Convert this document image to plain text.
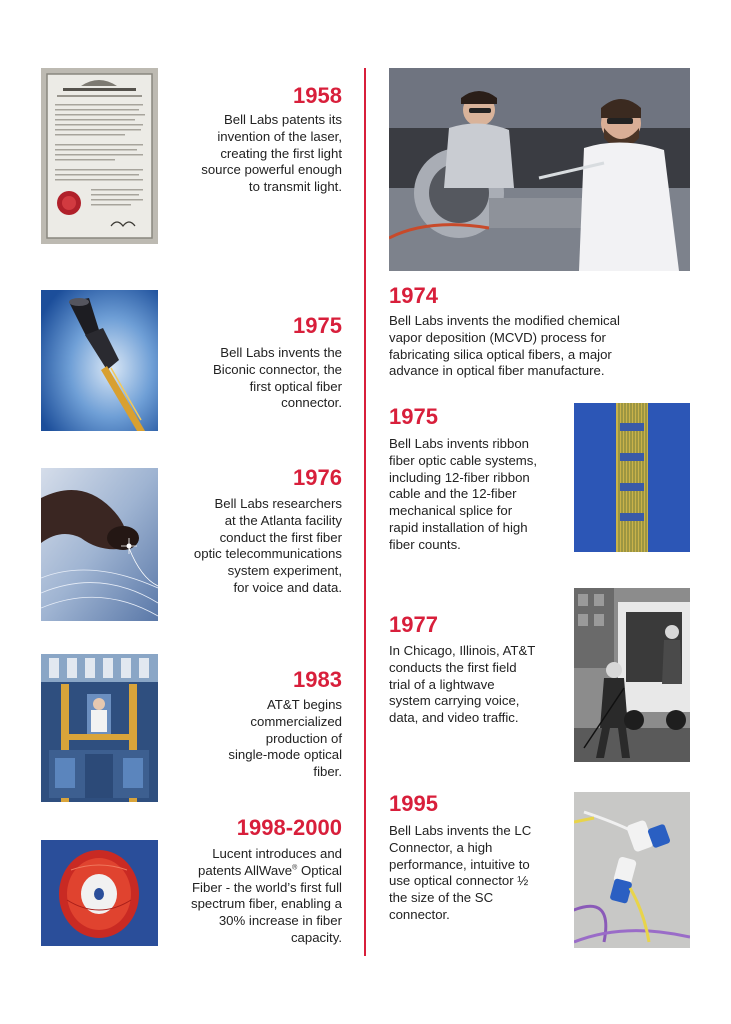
1958

Bell Labs patents its
invention of the laser,
creating the first light
source powerful enough
to transmit light.

1975

Bell Labs invents the
Biconic connector, the
first optical fiber
connector.

1976

Bell Labs researchers
at the Atlanta facility
conduct the first fiber
optic telecommunications
system experiment,
for voice and data.

1983

AT&T begins
commercialized
production of
single-mode optical
fiber.

1998-2000

Lucent introduces and
patents AllWave® Optical
Fiber - the world’s first full
spectrum fiber, enabling a
30% increase in fiber
capacity.

1974

Bell Labs invents the modified chemical
vapor deposition (MCVD) process for
fabricating silica optical fibers, a major
advance in optical fiber manufacture.

1975

Bell Labs invents ribbon
fiber optic cable systems,
including 12-fiber ribbon
cable and the 12-fiber
mechanical splice for
rapid installation of high
fiber counts.

1977

In Chicago, Illinois, AT&T
conducts the first field
trial of a lightwave
system carrying voice,
data, and video traffic.

1995

Bell Labs invents the LC
Connector, a high
performance, intuitive to
use optical connector ½
the size of the SC
connector.
